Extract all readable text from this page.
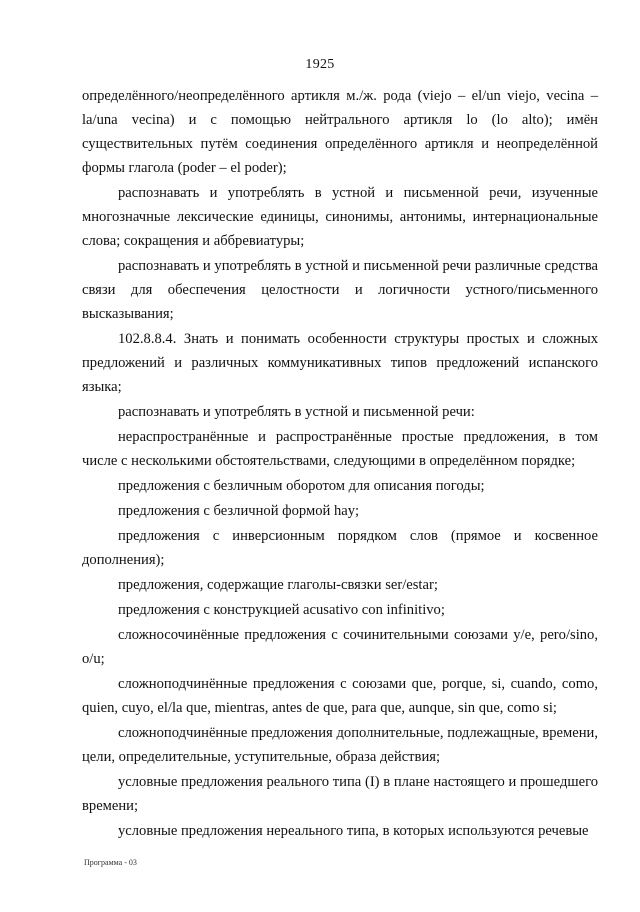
1925

определённого/неопределённого артикля м./ж. рода (viejo – el/un viejo, vecina – la/una vecina) и с помощью нейтрального артикля lo (lo alto); имён существительных путём соединения определённого артикля и неопределённой формы глагола (poder – el poder);

распознавать и употреблять в устной и письменной речи, изученные многозначные лексические единицы, синонимы, антонимы, интернациональные слова; сокращения и аббревиатуры;

распознавать и употреблять в устной и письменной речи различные средства связи для обеспечения целостности и логичности устного/письменного высказывания;

102.8.8.4. Знать и понимать особенности структуры простых и сложных предложений и различных коммуникативных типов предложений испанского языка;

распознавать и употреблять в устной и письменной речи:

нераспространённые и распространённые простые предложения, в том числе с несколькими обстоятельствами, следующими в определённом порядке;

предложения с безличным оборотом для описания погоды;

предложения с безличной формой hay;

предложения с инверсионным порядком слов (прямое и косвенное дополнения);

предложения, содержащие глаголы-связки ser/estar;

предложения с конструкцией acusativo con infinitivo;

сложносочинённые предложения с сочинительными союзами y/e, pero/sino, o/u;

сложноподчинённые предложения с союзами que, porque, si, cuando, como, quien, cuyo, el/la que, mientras, antes de que, para que, aunque, sin que, como si;

сложноподчинённые предложения дополнительные, подлежащные, времени, цели, определительные, уступительные, образа действия;

условные предложения реального типа (I) в плане настоящего и прошедшего времени;

условные предложения нереального типа, в которых используются речевые

Программа - 03
